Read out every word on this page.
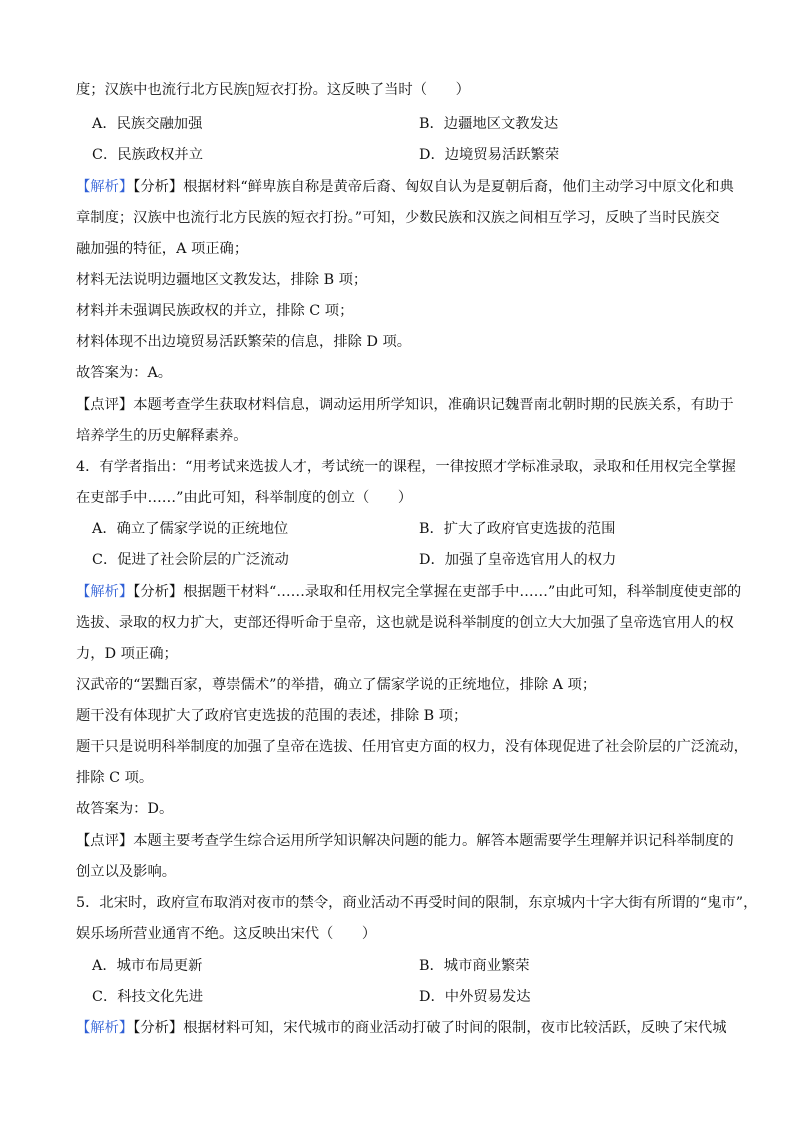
度；汉族中也流行北方民族▯短衣打扮。这反映了当时（　　）
A．民族交融加强	B．边疆地区文教发达
C．民族政权并立	D．边境贸易活跃繁荣
【解析】【分析】根据材料“鲜卑族自称是黄帝后裔、匈奴自认为是夏朝后裔，他们主动学习中原文化和典
章制度；汉族中也流行北方民族的短衣打扮。”可知，少数民族和汉族之间相互学习，反映了当时民族交
融加强的特征，A 项正确；
材料无法说明边疆地区文教发达，排除 B 项；
材料并未强调民族政权的并立，排除 C 项；
材料体现不出边境贸易活跃繁荣的信息，排除 D 项。
故答案为：A。
【点评】本题考查学生获取材料信息，调动运用所学知识，准确识记魏晋南北朝时期的民族关系，有助于
培养学生的历史解释素养。
4．有学者指出：“用考试来选拔人才，考试统一的课程，一律按照才学标准录取，录取和任用权完全掌握
在吏部手中……”由此可知，科举制度的创立（　　）
A．确立了儒家学说的正统地位	B．扩大了政府官吏选拔的范围
C．促进了社会阶层的广泛流动	D．加强了皇帝选官用人的权力
【解析】【分析】根据题干材料“……录取和任用权完全掌握在吏部手中……”由此可知，科举制度使吏部的
选拔、录取的权力扩大，吏部还得听命于皇帝，这也就是说科举制度的创立大大加强了皇帝选官用人的权
力，D 项正确；
汉武帝的“罢黜百家，尊崇儒术”的举措，确立了儒家学说的正统地位，排除 A 项；
题干没有体现扩大了政府官吏选拔的范围的表述，排除 B 项；
题干只是说明科举制度的加强了皇帝在选拔、任用官吏方面的权力，没有体现促进了社会阶层的广泛流动，
排除 C 项。
故答案为：D。
【点评】本题主要考查学生综合运用所学知识解决问题的能力。解答本题需要学生理解并识记科举制度的
创立以及影响。
5．北宋时，政府宣布取消对夜市的禁令，商业活动不再受时间的限制，东京城内十字大街有所谓的“鬼市”，
娱乐场所营业通宵不绝。这反映出宋代（　　）
A．城市布局更新	B．城市商业繁荣
C．科技文化先进	D．中外贸易发达
【解析】【分析】根据材料可知，宋代城市的商业活动打破了时间的限制，夜市比较活跃，反映了宋代城
